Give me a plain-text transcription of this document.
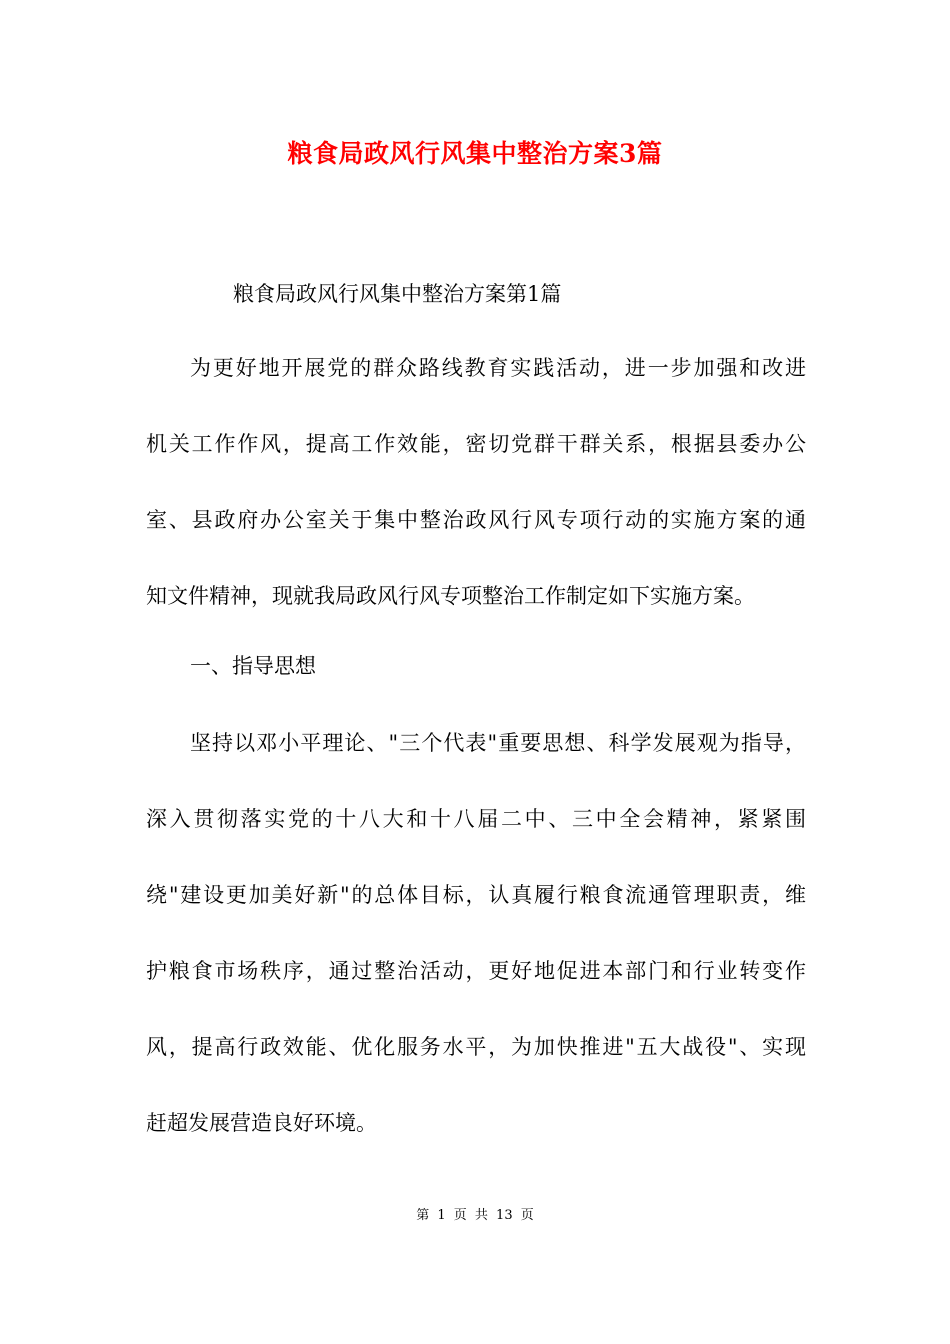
粮食局政风行风集中整治方案3篇

粮食局政风行风集中整治方案第1篇

为更好地开展党的群众路线教育实践活动，进一步加强和改进
机关工作作风，提高工作效能，密切党群干群关系，根据县委办公
室、县政府办公室关于集中整治政风行风专项行动的实施方案的通
知文件精神，现就我局政风行风专项整治工作制定如下实施方案。

一、指导思想

坚持以邓小平理论、"三个代表"重要思想、科学发展观为指导，
深入贯彻落实党的十八大和十八届二中、三中全会精神，紧紧围
绕"建设更加美好新"的总体目标，认真履行粮食流通管理职责，维
护粮食市场秩序，通过整治活动，更好地促进本部门和行业转变作
风，提高行政效能、优化服务水平，为加快推进"五大战役"、实现
赶超发展营造良好环境。

第 1 页 共 13 页
